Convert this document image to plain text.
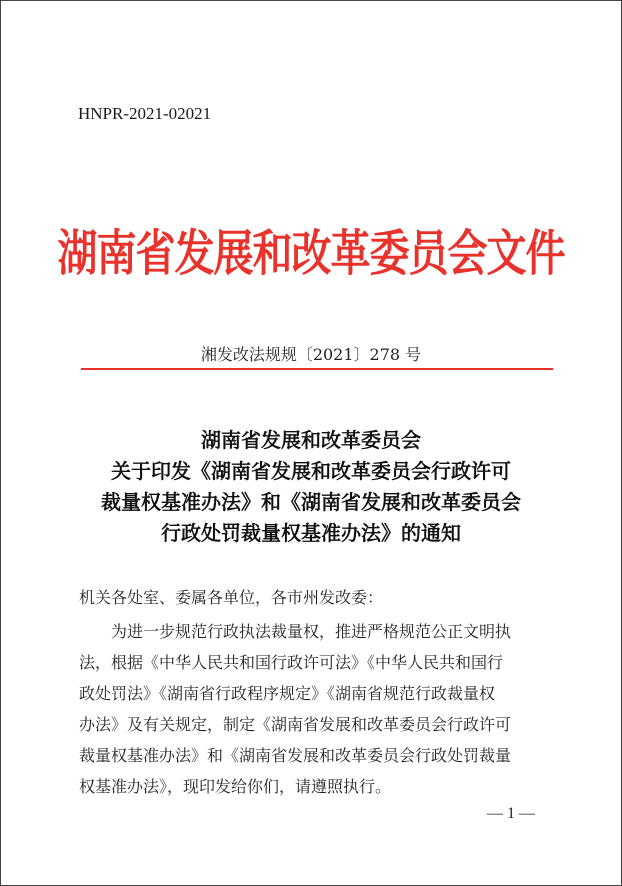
HNPR-2021-02021
湖南省发展和改革委员会文件
湘发改法规规〔2021〕278 号
湖南省发展和改革委员会
关于印发《湖南省发展和改革委员会行政许可
裁量权基准办法》和《湖南省发展和改革委员会
行政处罚裁量权基准办法》的通知
机关各处室、委属各单位，各市州发改委：
为进一步规范行政执法裁量权，推进严格规范公正文明执
法，根据《中华人民共和国行政许可法》《中华人民共和国行
政处罚法》《湖南省行政程序规定》《湖南省规范行政裁量权
办法》及有关规定，制定《湖南省发展和改革委员会行政许可
裁量权基准办法》和《湖南省发展和改革委员会行政处罚裁量
权基准办法》，现印发给你们，请遵照执行。
— 1 —
